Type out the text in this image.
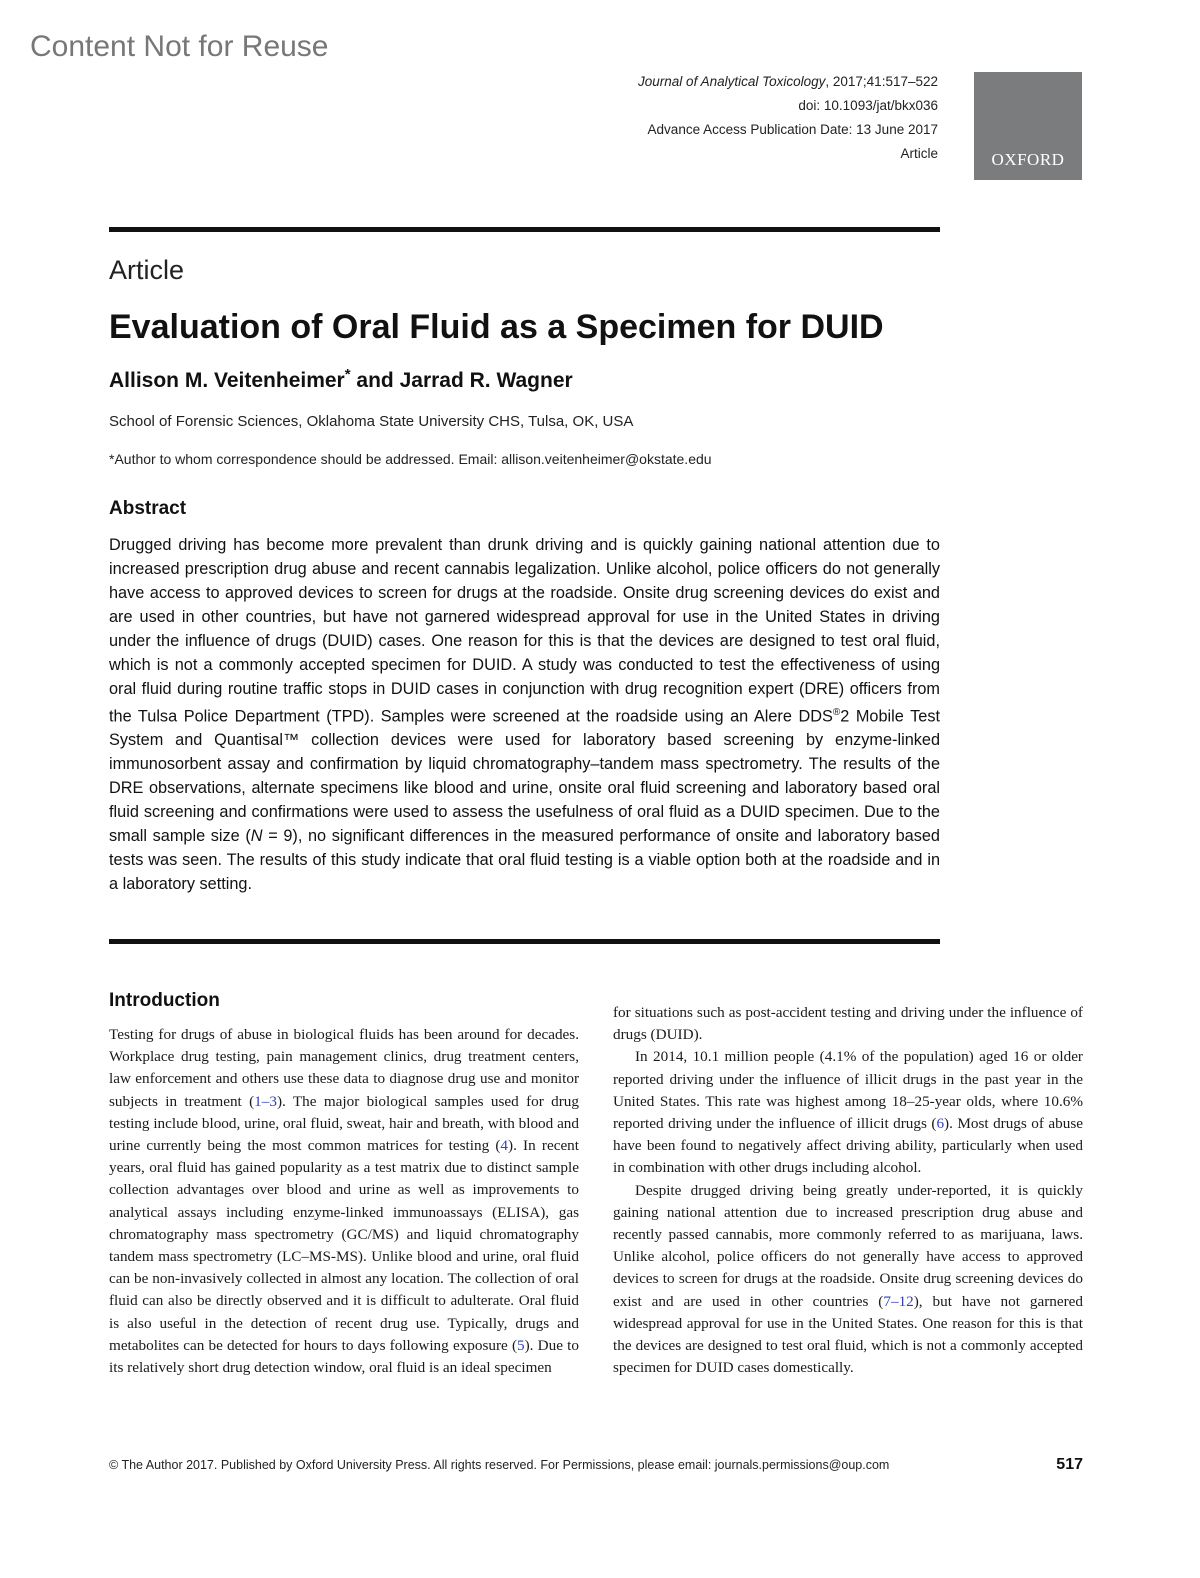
Content Not for Reuse
Journal of Analytical Toxicology, 2017;41:517–522
doi: 10.1093/jat/bkx036
Advance Access Publication Date: 13 June 2017
Article	OXFORD
Article
Evaluation of Oral Fluid as a Specimen for DUID
Allison M. Veitenheimer* and Jarrad R. Wagner
School of Forensic Sciences, Oklahoma State University CHS, Tulsa, OK, USA
*Author to whom correspondence should be addressed. Email: allison.veitenheimer@okstate.edu
Abstract

Drugged driving has become more prevalent than drunk driving and is quickly gaining national attention due to increased prescription drug abuse and recent cannabis legalization. Unlike alcohol, police officers do not generally have access to approved devices to screen for drugs at the roadside. Onsite drug screening devices do exist and are used in other countries, but have not garnered widespread approval for use in the United States in driving under the influence of drugs (DUID) cases. One reason for this is that the devices are designed to test oral fluid, which is not a commonly accepted specimen for DUID. A study was conducted to test the effectiveness of using oral fluid during routine traffic stops in DUID cases in conjunction with drug recognition expert (DRE) officers from the Tulsa Police Department (TPD). Samples were screened at the roadside using an Alere DDS®2 Mobile Test System and Quantisal™ collection devices were used for laboratory based screening by enzyme-linked immunosorbent assay and confirmation by liquid chromatography–tandem mass spectrometry. The results of the DRE observations, alternate specimens like blood and urine, onsite oral fluid screening and laboratory based oral fluid screening and confirmations were used to assess the usefulness of oral fluid as a DUID specimen. Due to the small sample size (N = 9), no significant differences in the measured performance of onsite and laboratory based tests was seen. The results of this study indicate that oral fluid testing is a viable option both at the roadside and in a laboratory setting.

Introduction

Testing for drugs of abuse in biological fluids has been around for decades. Workplace drug testing, pain management clinics, drug treatment centers, law enforcement and others use these data to diagnose drug use and monitor subjects in treatment (1–3). The major biological samples used for drug testing include blood, urine, oral fluid, sweat, hair and breath, with blood and urine currently being the most common matrices for testing (4). In recent years, oral fluid has gained popularity as a test matrix due to distinct sample collection advantages over blood and urine as well as improvements to analytical assays including enzyme-linked immunoassays (ELISA), gas chromatography mass spectrometry (GC/MS) and liquid chromatography tandem mass spectrometry (LC–MS-MS). Unlike blood and urine, oral fluid can be non-invasively collected in almost any location. The collection of oral fluid can also be directly observed and it is difficult to adulterate. Oral fluid is also useful in the detection of recent drug use. Typically, drugs and metabolites can be detected for hours to days following exposure (5). Due to its relatively short drug detection window, oral fluid is an ideal specimen

for situations such as post-accident testing and driving under the influence of drugs (DUID).

In 2014, 10.1 million people (4.1% of the population) aged 16 or older reported driving under the influence of illicit drugs in the past year in the United States. This rate was highest among 18–25-year olds, where 10.6% reported driving under the influence of illicit drugs (6). Most drugs of abuse have been found to negatively affect driving ability, particularly when used in combination with other drugs including alcohol.

Despite drugged driving being greatly under-reported, it is quickly gaining national attention due to increased prescription drug abuse and recently passed cannabis, more commonly referred to as marijuana, laws. Unlike alcohol, police officers do not generally have access to approved devices to screen for drugs at the roadside. Onsite drug screening devices do exist and are used in other countries (7–12), but have not garnered widespread approval for use in the United States. One reason for this is that the devices are designed to test oral fluid, which is not a commonly accepted specimen for DUID cases domestically.

© The Author 2017. Published by Oxford University Press. All rights reserved. For Permissions, please email: journals.permissions@oup.com	517
